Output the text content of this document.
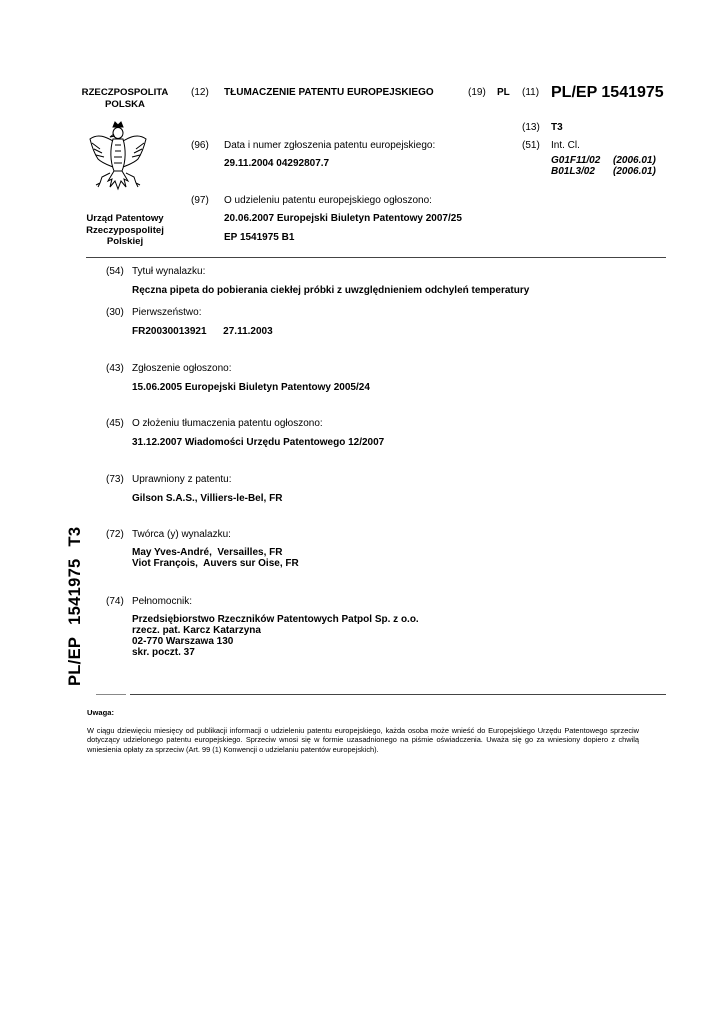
RZECZPOSPOLITA
POLSKA
Urząd Patentowy
Rzeczypospolitej
Polskiej
(12) TŁUMACZENIE PATENTU EUROPEJSKIEGO	(19) PL (11) PL/EP 1541975
(13) T3
(51) Int. Cl.
G01F11/02 (2006.01)
B01L3/02 (2006.01)
(96) Data i numer zgłoszenia patentu europejskiego:
29.11.2004 04292807.7
(97) O udzieleniu patentu europejskiego ogłoszono:
20.06.2007 Europejski Biuletyn Patentowy 2007/25
EP 1541975 B1
(54) Tytuł wynalazku:
Ręczna pipeta do pobierania ciekłej próbki z uwzględnieniem odchyleń temperatury
(30) Pierwszeństwo:
FR20030013921      27.11.2003
(43) Zgłoszenie ogłoszono:
15.06.2005 Europejski Biuletyn Patentowy 2005/24
(45) O złożeniu tłumaczenia patentu ogłoszono:
31.12.2007 Wiadomości Urzędu Patentowego 12/2007
(73) Uprawniony z patentu:
Gilson S.A.S., Villiers-le-Bel, FR
(72) Twórca (y) wynalazku:
May Yves-André,  Versailles, FR
Viot François,  Auvers sur Oise, FR
(74) Pełnomocnik:
Przedsiębiorstwo Rzeczników Patentowych Patpol Sp. z o.o.
rzecz. pat. Karcz Katarzyna
02-770 Warszawa 130
skr. poczt. 37
PL/EP1541975T3
Uwaga:
W ciągu dziewięciu miesięcy od publikacji informacji o udzieleniu patentu europejskiego, każda osoba może wnieść do Europejskiego Urzędu Patentowego sprzeciw dotyczący udzielonego patentu europejskiego. Sprzeciw wnosi się w formie uzasadnionego na piśmie oświadczenia. Uważa się go za wniesiony dopiero z chwilą wniesienia opłaty za sprzeciw (Art. 99 (1) Konwencji o udzielaniu patentów europejskich).
